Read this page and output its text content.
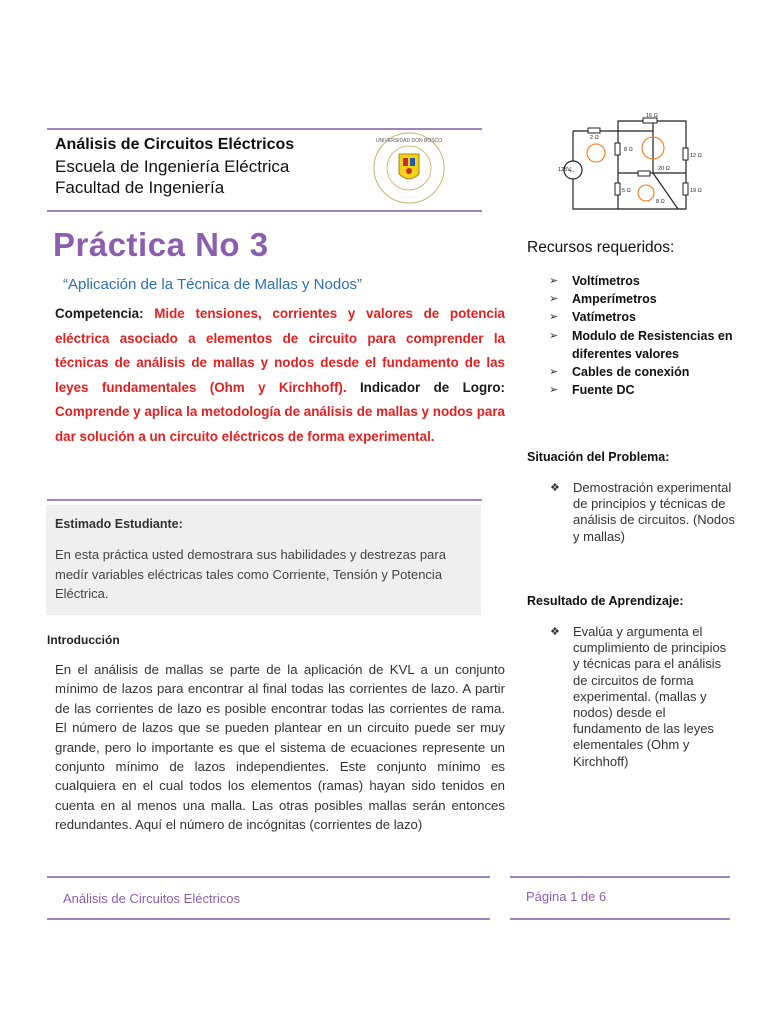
Análisis de Circuitos Eléctricos
Escuela de Ingeniería Eléctrica
Facultad de Ingeniería
UNIVERSIDAD DON BOSCO
· · · · · ·
Práctica No 3
“Aplicación de la Técnica de Mallas y Nodos”
Competencia: Mide tensiones, corrientes y valores de potencia eléctrica asociado a elementos de circuito para comprender la técnicas de análisis de mallas y nodos desde el fundamento de las leyes fundamentales (Ohm y Kirchhoff). Indicador de Logro: Comprende y aplica la metodología de análisis de mallas y nodos para dar solución a un circuito eléctricos de forma experimental.
Estimado Estudiante:
En esta práctica usted demostrara sus habilidades y destrezas para medír variables eléctricas tales como Corriente, Tensión y Potencia Eléctrica.
Introducción
En el análisis de mallas se parte de la aplicación de KVL a un conjunto mínimo de lazos para encontrar al final todas las corrientes de lazo. A partir de las corrientes de lazo es posible encontrar todas las corrientes de rama. El número de lazos que se pueden plantear en un circuito puede ser muy grande, pero lo importante es que el sistema de ecuaciones represente un conjunto mínimo de lazos independientes. Este conjunto mínimo es cualquiera en el cual todos los elementos (ramas) hayan sido tenidos en cuenta en al menos una malla. Las otras posibles mallas serán entonces redundantes. Aquí el número de incógnitas (corrientes de lazo)
Análisis de Circuitos Eléctricos	Página 1 de 6
+-
2 Ω
16 Ω
8 Ω
12 Ω
125V
5 Ω
20 Ω
19 Ω
8 Ω
Recursos requeridos:
➢ Voltímetros
➢ Amperímetros
➢ Vatímetros
➢ Modulo de Resistencias en diferentes valores
➢ Cables de conexión
➢ Fuente DC
Situación del Problema:
❖ Demostración experimental de principios y técnicas de análisis de circuitos. (Nodos y mallas)
Resultado de Aprendizaje:
❖ Evalúa y argumenta el cumplimiento de principios y técnicas para el análisis de circuitos de forma experimental. (mallas y nodos) desde el fundamento de las leyes elementales (Ohm y Kirchhoff)
